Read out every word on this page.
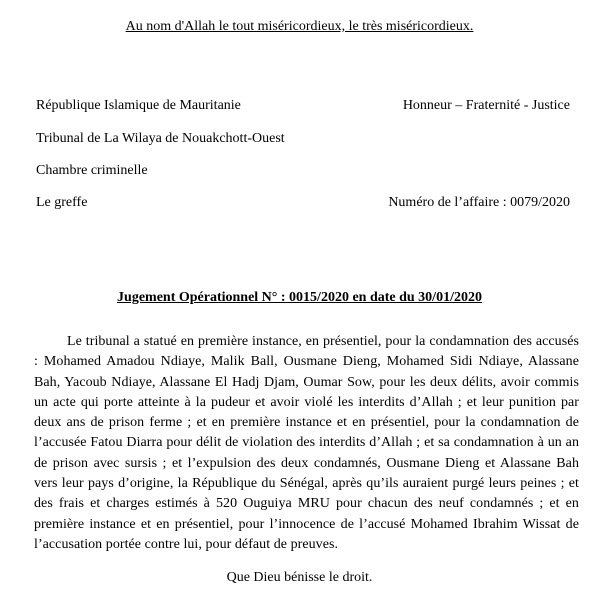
Au nom d'Allah le tout miséricordieux, le très miséricordieux.
République Islamique de Mauritanie	Honneur – Fraternité - Justice
Tribunal de La Wilaya de Nouakchott-Ouest
Chambre criminelle
Le greffe	Numéro de l’affaire : 0079/2020
Jugement Opérationnel N° : 0015/2020 en date du 30/01/2020
Le tribunal a statué en première instance, en présentiel, pour la condamnation des accusés : Mohamed Amadou Ndiaye, Malik Ball, Ousmane Dieng, Mohamed Sidi Ndiaye, Alassane Bah, Yacoub Ndiaye, Alassane El Hadj Djam, Oumar Sow, pour les deux délits, avoir commis un acte qui porte atteinte à la pudeur et avoir violé les interdits d’Allah ; et leur punition par deux ans de prison ferme ; et en première instance et en présentiel, pour la condamnation de l’accusée Fatou Diarra pour délit de violation des interdits d’Allah ; et sa condamnation à un an de prison avec sursis ; et l’expulsion des deux condamnés, Ousmane Dieng et Alassane Bah vers leur pays d’origine, la République du Sénégal, après qu’ils auraient purgé leurs peines ; et des frais et charges estimés à 520 Ouguiya MRU pour chacun des neuf condamnés ; et en première instance et en présentiel, pour l’innocence de l’accusé Mohamed Ibrahim Wissat de l’accusation portée contre lui, pour défaut de preuves.
Que Dieu bénisse le droit.
